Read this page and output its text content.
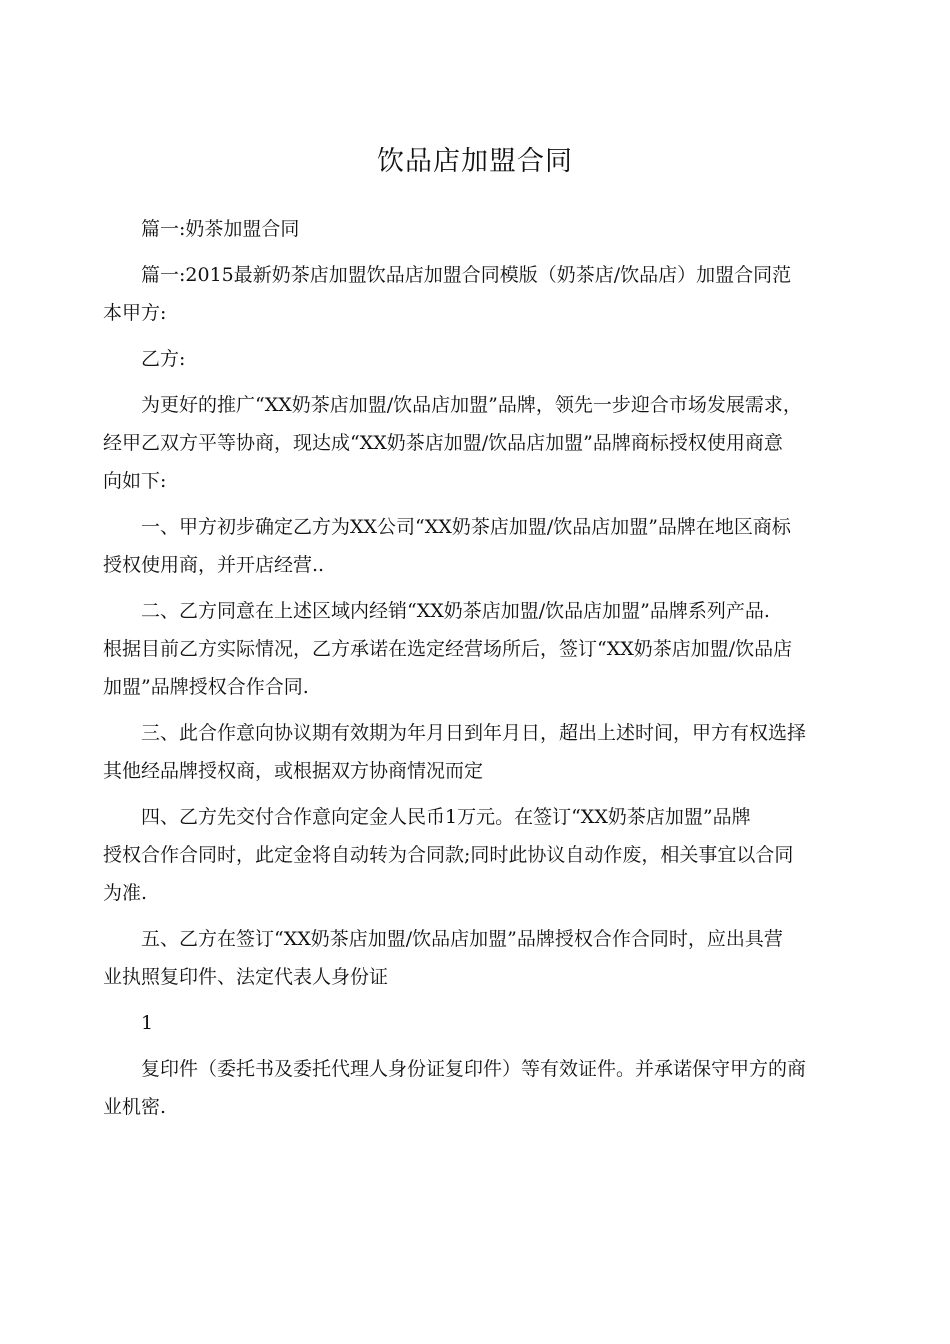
饮品店加盟合同

篇一:奶茶加盟合同

篇一:2015最新奶茶店加盟饮品店加盟合同模版（奶茶店/饮品店）加盟合同范
本甲方:

乙方:

为更好的推广“XX奶茶店加盟/饮品店加盟”品牌，领先一步迎合市场发展需求，
经甲乙双方平等协商，现达成“XX奶茶店加盟/饮品店加盟”品牌商标授权使用商意
向如下:

一、甲方初步确定乙方为XX公司“XX奶茶店加盟/饮品店加盟”品牌在地区商标
授权使用商，并开店经营..

二、乙方同意在上述区域内经销“XX奶茶店加盟/饮品店加盟”品牌系列产品.
根据目前乙方实际情况，乙方承诺在选定经营场所后，签订“XX奶茶店加盟/饮品店
加盟”品牌授权合作合同.

三、此合作意向协议期有效期为年月日到年月日，超出上述时间，甲方有权选择
其他经品牌授权商，或根据双方协商情况而定

四、乙方先交付合作意向定金人民币1万元。在签订“XX奶茶店加盟”品牌
授权合作合同时，此定金将自动转为合同款;同时此协议自动作废，相关事宜以合同
为准.

五、乙方在签订“XX奶茶店加盟/饮品店加盟”品牌授权合作合同时，应出具营
业执照复印件、法定代表人身份证

1

复印件（委托书及委托代理人身份证复印件）等有效证件。并承诺保守甲方的商
业机密.
